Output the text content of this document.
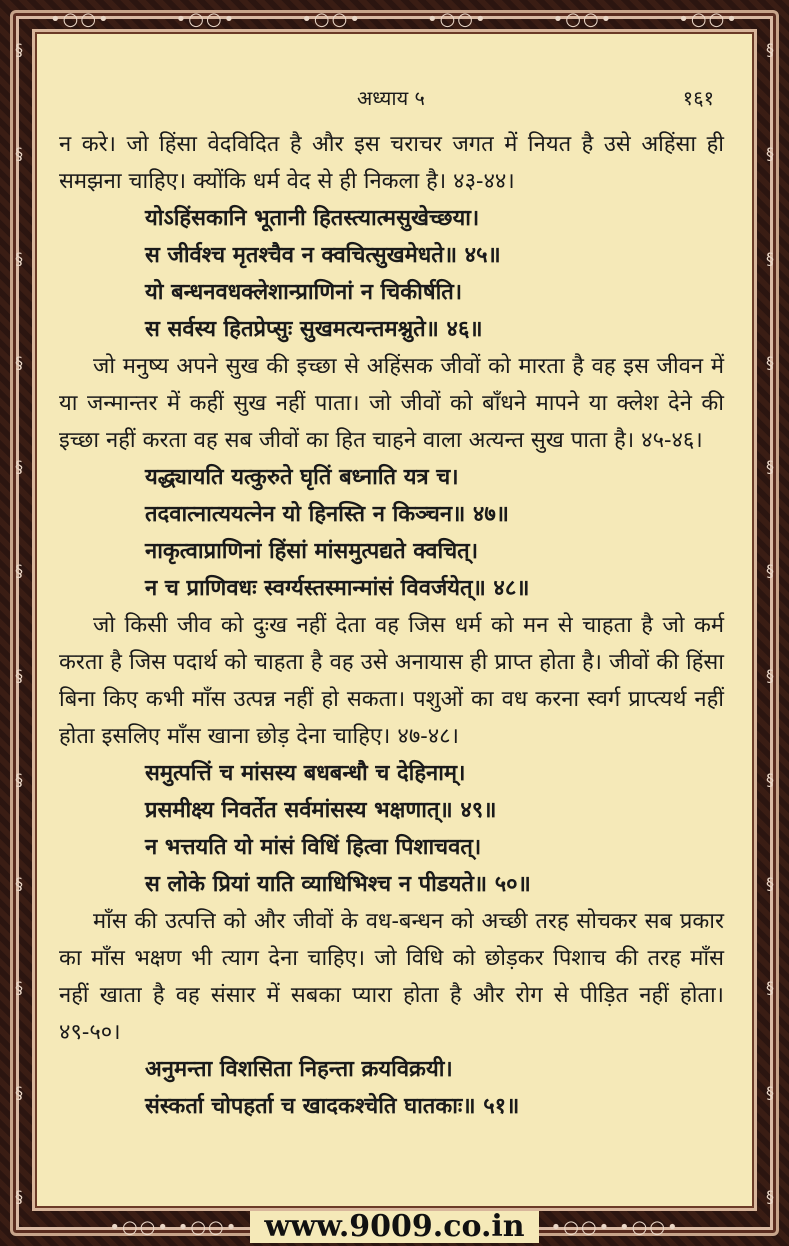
•○○•	•○○•	•○○•	•○○•	•○○•	•○○•
§
§
§
§
§
§
§
§
§
§
§
§
§
§
§
§
§
§
§
§
§
§
§
§
अध्याय ५	१६१

न करे। जो हिंसा वेदविदित है और इस चराचर जगत में नियत है उसे अहिंसा ही समझना चाहिए। क्योंकि धर्म वेद से ही निकला है। ४३-४४।

योऽहिंसकानि भूतानी हितस्त्यात्मसुखेच्छया।
स जीर्वश्च मृतश्चैव न क्वचित्सुखमेधते॥ ४५॥
यो बन्धनवधक्लेशान्प्राणिनां न चिकीर्षति।
स सर्वस्य हितप्रेप्सुः सुखमत्यन्तमश्नुते॥ ४६॥

जो मनुष्य अपने सुख की इच्छा से अहिंसक जीवों को मारता है वह इस जीवन में या जन्मान्तर में कहीं सुख नहीं पाता। जो जीवों को बाँधने मापने या क्लेश देने की इच्छा नहीं करता वह सब जीवों का हित चाहने वाला अत्यन्त सुख पाता है। ४५-४६।

यद्ध्यायति यत्कुरुते घृतिं बध्नाति यत्र च।
तदवात्नात्ययत्नेन यो हिनस्ति न किञ्चन॥ ४७॥
नाकृत्वाप्राणिनां हिंसां मांसमुत्पद्यते क्वचित्।
न च प्राणिवधः स्वर्ग्यस्तस्मान्मांसं विवर्जयेत्॥ ४८॥

जो किसी जीव को दुःख नहीं देता वह जिस धर्म को मन से चाहता है जो कर्म करता है जिस पदार्थ को चाहता है वह उसे अनायास ही प्राप्त होता है। जीवों की हिंसा बिना किए कभी माँस उत्पन्न नहीं हो सकता। पशुओं का वध करना स्वर्ग प्राप्त्यर्थ नहीं होता इसलिए माँस खाना छोड़ देना चाहिए। ४७-४८।

समुत्पत्तिं च मांसस्य बधबन्धौ च देहिनाम्।
प्रसमीक्ष्य निवर्तेत सर्वमांसस्य भक्षणात्॥ ४९॥
न भत्तयति यो मांसं विधिं हित्वा पिशाचवत्।
स लोके प्रियां याति व्याधिभिश्च न पीडयते॥ ५०॥

माँस की उत्पत्ति को और जीवों के वध-बन्धन को अच्छी तरह सोचकर सब प्रकार का माँस भक्षण भी त्याग देना चाहिए। जो विधि को छोड़कर पिशाच की तरह माँस नहीं खाता है वह संसार में सबका प्यारा होता है और रोग से पीड़ित नहीं होता। ४९-५०।

अनुमन्ता विशसिता निहन्ता क्रयविक्रयी।
संस्कर्ता चोपहर्ता च खादकश्चेति घातकाः॥ ५१॥
•○○• •○○• www.9009.co.in	•○○• •○○•
